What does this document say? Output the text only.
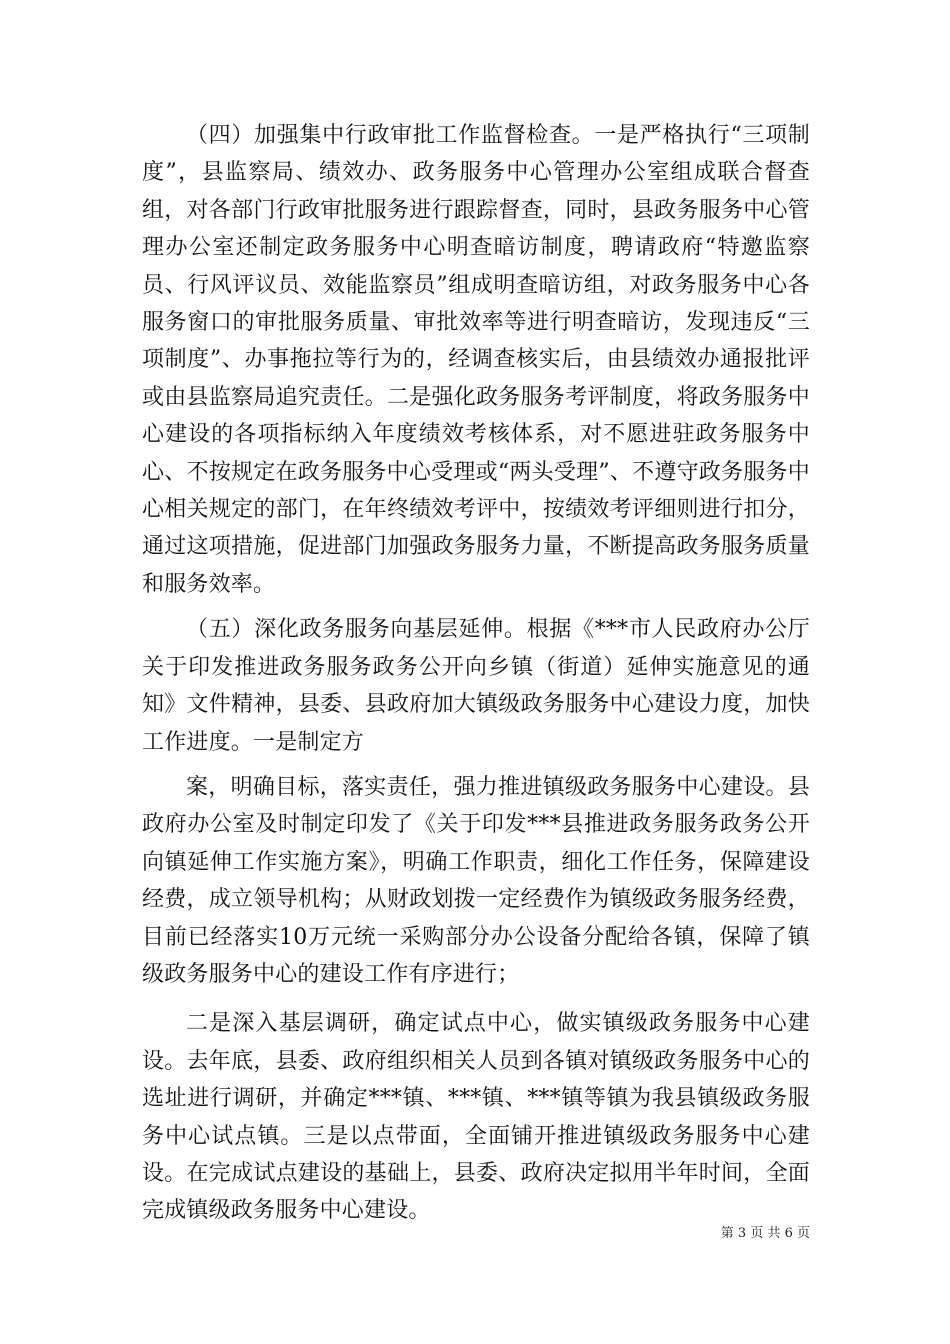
（四）加强集中行政审批工作监督检查。一是严格执行“三项制度”，县监察局、绩效办、政务服务中心管理办公室组成联合督查组，对各部门行政审批服务进行跟踪督查，同时，县政务服务中心管理办公室还制定政务服务中心明查暗访制度，聘请政府“特邀监察员、行风评议员、效能监察员”组成明查暗访组，对政务服务中心各服务窗口的审批服务质量、审批效率等进行明查暗访，发现违反“三项制度”、办事拖拉等行为的，经调查核实后，由县绩效办通报批评或由县监察局追究责任。二是强化政务服务考评制度，将政务服务中心建设的各项指标纳入年度绩效考核体系，对不愿进驻政务服务中心、不按规定在政务服务中心受理或“两头受理”、不遵守政务服务中心相关规定的部门，在年终绩效考评中，按绩效考评细则进行扣分，通过这项措施，促进部门加强政务服务力量，不断提高政务服务质量和服务效率。

（五）深化政务服务向基层延伸。根据《***市人民政府办公厅关于印发推进政务服务政务公开向乡镇（街道）延伸实施意见的通知》文件精神，县委、县政府加大镇级政务服务中心建设力度，加快工作进度。一是制定方

案，明确目标，落实责任，强力推进镇级政务服务中心建设。县政府办公室及时制定印发了《关于印发***县推进政务服务政务公开向镇延伸工作实施方案》，明确工作职责，细化工作任务，保障建设经费，成立领导机构；从财政划拨一定经费作为镇级政务服务经费，目前已经落实10万元统一采购部分办公设备分配给各镇，保障了镇级政务服务中心的建设工作有序进行；

二是深入基层调研，确定试点中心，做实镇级政务服务中心建设。去年底，县委、政府组织相关人员到各镇对镇级政务服务中心的选址进行调研，并确定***镇、***镇、***镇等镇为我县镇级政务服务中心试点镇。三是以点带面，全面铺开推进镇级政务服务中心建设。在完成试点建设的基础上，县委、政府决定拟用半年时间，全面完成镇级政务服务中心建设。

第 3 页 共 6 页
